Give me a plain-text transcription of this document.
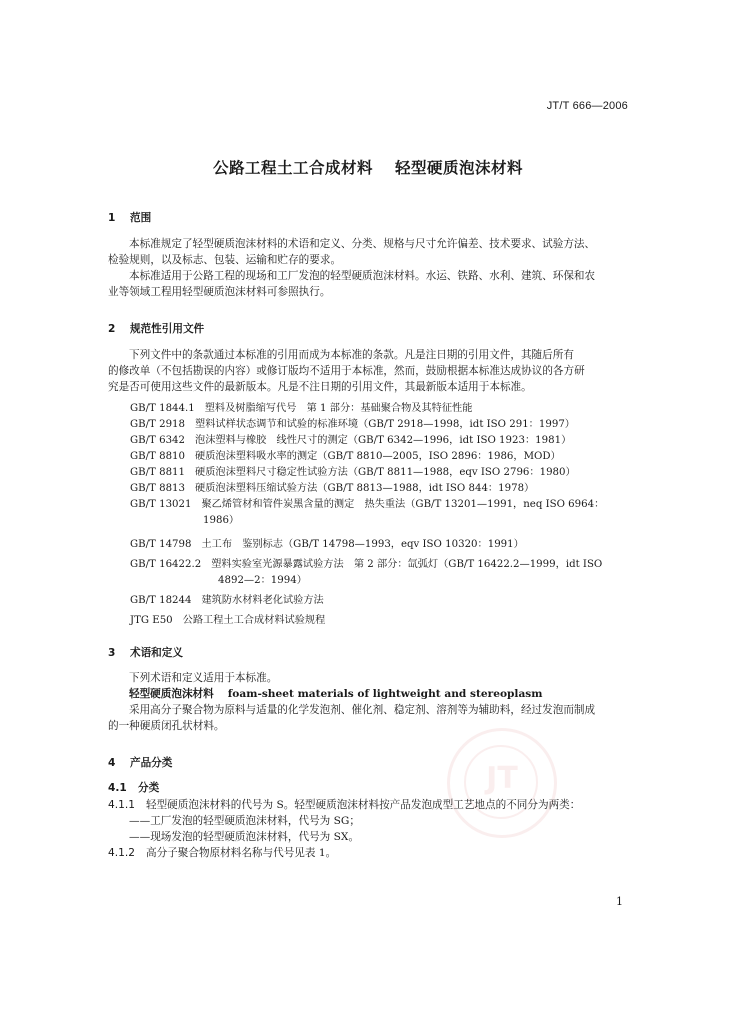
JT
JT/T 666—2006
公路工程土工合成材料 轻型硬质泡沫材料
1 范围

本标准规定了轻型硬质泡沫材料的术语和定义、分类、规格与尺寸允许偏差、技术要求、试验方法、

检验规则，以及标志、包装、运输和贮存的要求。

本标准适用于公路工程的现场和工厂发泡的轻型硬质泡沫材料。水运、铁路、水利、建筑、环保和农

业等领域工程用轻型硬质泡沫材料可参照执行。

2 规范性引用文件

下列文件中的条款通过本标准的引用而成为本标准的条款。凡是注日期的引用文件，其随后所有

的修改单（不包括勘误的内容）或修订版均不适用于本标准，然而，鼓励根据本标准达成协议的各方研

究是否可使用这些文件的最新版本。凡是不注日期的引用文件，其最新版本适用于本标准。

GB/T 1844.1 塑料及树脂缩写代号　第 1 部分：基础聚合物及其特征性能
GB/T 2918 塑料试样状态调节和试验的标准环境（GB/T 2918—1998，idt ISO 291：1997）
GB/T 6342 泡沫塑料与橡胶　线性尺寸的测定（GB/T 6342—1996，idt ISO 1923：1981）
GB/T 8810 硬质泡沫塑料吸水率的测定（GB/T 8810—2005，ISO 2896：1986，MOD）
GB/T 8811 硬质泡沫塑料尺寸稳定性试验方法（GB/T 8811—1988，eqv ISO 2796：1980）
GB/T 8813 硬质泡沫塑料压缩试验方法（GB/T 8813—1988，idt ISO 844：1978）
GB/T 13021 聚乙烯管材和管件炭黑含量的测定　热失重法（GB/T 13201—1991，neq ISO 6964：
1986）
GB/T 14798 土工布　鉴别标志（GB/T 14798—1993，eqv ISO 10320：1991）
GB/T 16422.2 塑料实验室光源暴露试验方法　第 2 部分：氙弧灯（GB/T 16422.2—1999，idt ISO
4892—2：1994）
GB/T 18244 建筑防水材料老化试验方法
JTG E50 公路工程土工合成材料试验规程
3 术语和定义

下列术语和定义适用于本标准。

轻型硬质泡沫材料 foam-sheet materials of lightweight and stereoplasm

采用高分子聚合物为原料与适量的化学发泡剂、催化剂、稳定剂、溶剂等为辅助料，经过发泡而制成

的一种硬质闭孔状材料。

4 产品分类
4.1 分类

4.1.1 轻型硬质泡沫材料的代号为 S。轻型硬质泡沫材料按产品发泡成型工艺地点的不同分为两类：

——工厂发泡的轻型硬质泡沫材料，代号为 SG；

——现场发泡的轻型硬质泡沫材料，代号为 SX。

4.1.2 高分子聚合物原材料名称与代号见表 1。

1
